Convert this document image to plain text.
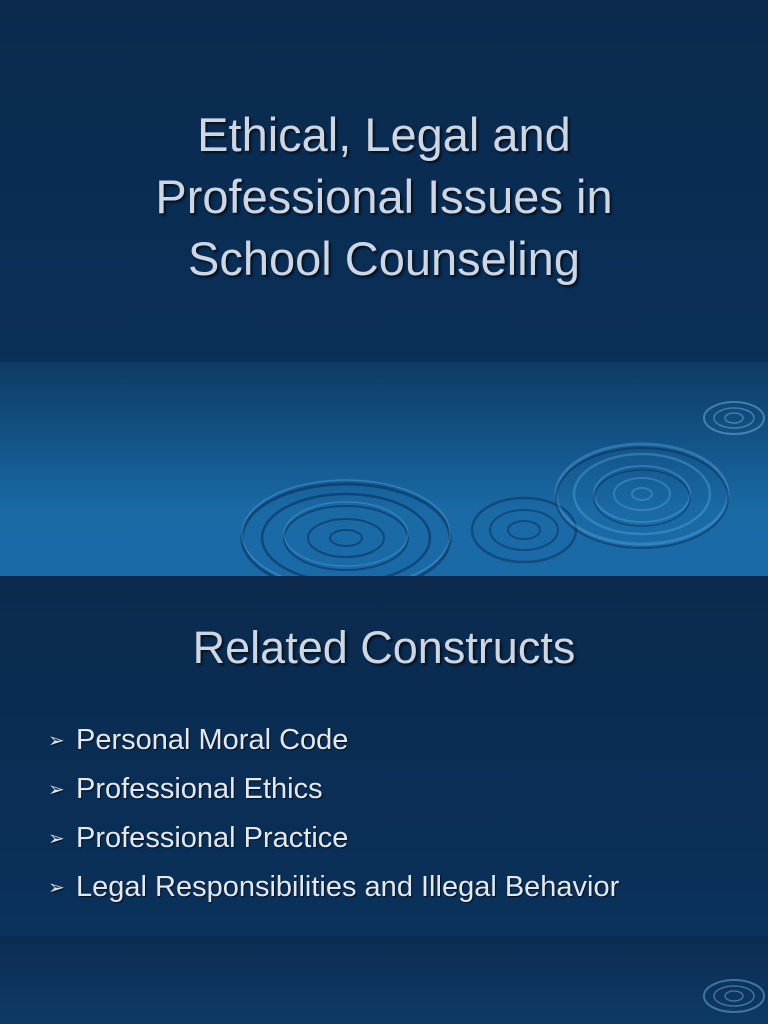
Ethical, Legal and
Professional Issues in
School Counseling
Related Constructs
➢ Personal Moral Code
➢ Professional Ethics
➢ Professional Practice
➢ Legal Responsibilities and Illegal Behavior
